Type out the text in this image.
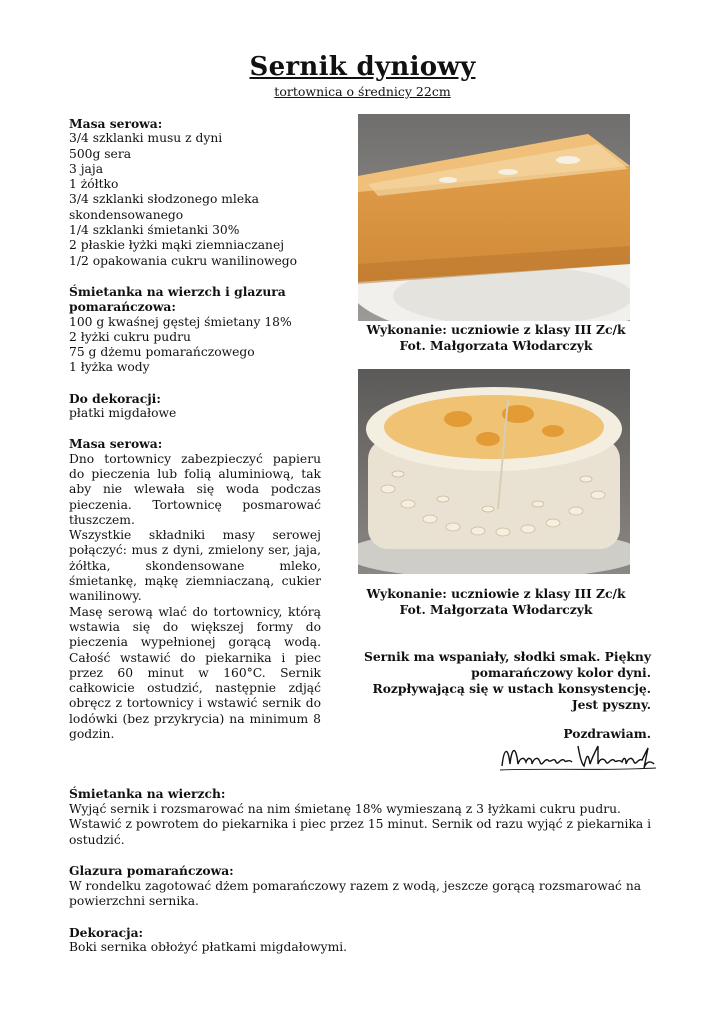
Sernik dyniowy
tortownica o średnicy 22cm

Masa serowa:

3/4 szklanki musu z dyni

500g sera

3 jaja

1 żółtko

3/4 szklanki słodzonego mleka skondensowanego

1/4 szklanki śmietanki 30%

2 płaskie łyżki mąki ziemniaczanej

1/2 opakowania cukru wanilinowego

Śmietanka na wierzch i glazura pomarańczowa:

100 g kwaśnej gęstej śmietany 18%

2 łyżki cukru pudru

75 g dżemu pomarańczowego

1 łyżka wody

Do dekoracji:

płatki migdałowe

Masa serowa:

Dno tortownicy zabezpieczyć papieru do pieczenia lub folią aluminiową, tak aby nie wlewała się woda podczas pieczenia. Tortownicę posmarować tłuszczem.

Wszystkie składniki masy serowej połączyć: mus z dyni, zmielony ser, jaja, żółtka, skondensowane mleko, śmietankę, mąkę ziemniaczaną, cukier wanilinowy.

Masę serową wlać do tortownicy, którą wstawia się do większej formy do pieczenia wypełnionej gorącą wodą. Całość wstawić do piekarnika i piec przez 60 minut w 160°C. Sernik całkowicie ostudzić, następnie zdjąć obręcz z tortownicy i wstawić sernik do lodówki (bez przykrycia) na minimum 8 godzin.

Wykonanie: uczniowie z klasy III Zc/k
Fot. Małgorzata Włodarczyk
Wykonanie: uczniowie z klasy III Zc/k
Fot. Małgorzata Włodarczyk

Sernik ma wspaniały, słodki smak. Piękny

pomarańczowy kolor dyni.

Rozpływającą się w ustach konsystencję.

Jest pyszny.

Pozdrawiam.

Śmietanka na wierzch:

Wyjąć sernik i rozsmarować na nim śmietanę 18% wymieszaną z 3 łyżkami cukru pudru. Wstawić z powrotem do piekarnika i piec przez 15 minut. Sernik od razu wyjąć z piekarnika i ostudzić.

Glazura pomarańczowa:

W rondelku zagotować dżem pomarańczowy razem z wodą, jeszcze gorącą rozsmarować na powierzchni sernika.

Dekoracja:

Boki sernika obłożyć płatkami migdałowymi.
